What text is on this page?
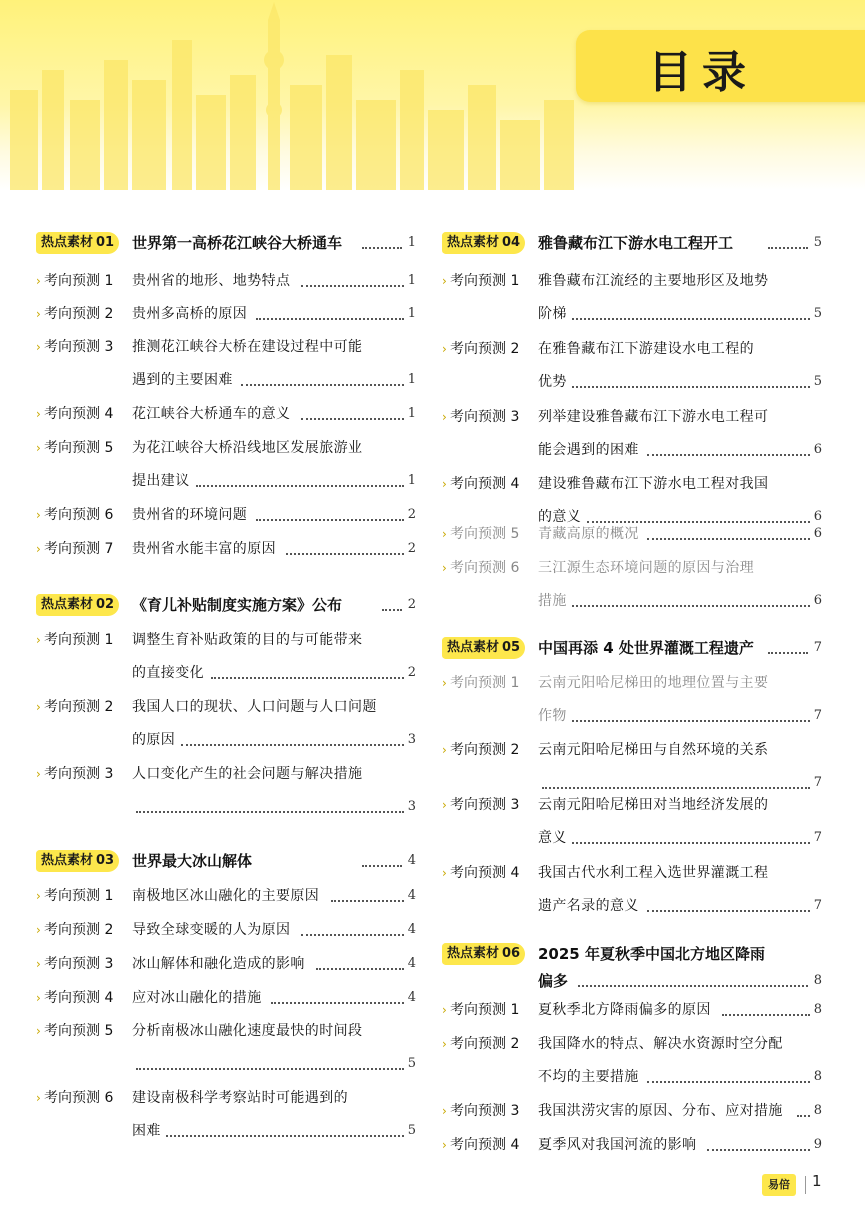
目录
热点素材 01	世界第一高桥花江峡谷大桥通车	1
› 考向预测 1 贵州省的地形、地势特点	1
› 考向预测 2 贵州多高桥的原因	1
› 考向预测 3 推测花江峡谷大桥在建设过程中可能
遇到的主要困难	1
› 考向预测 4 花江峡谷大桥通车的意义	1
› 考向预测 5 为花江峡谷大桥沿线地区发展旅游业
提出建议	1
› 考向预测 6 贵州省的环境问题	2
› 考向预测 7 贵州省水能丰富的原因	2
热点素材 02	《育儿补贴制度实施方案》公布	2
› 考向预测 1 调整生育补贴政策的目的与可能带来
的直接变化	2
› 考向预测 2 我国人口的现状、人口问题与人口问题
的原因	3
› 考向预测 3 人口变化产生的社会问题与解决措施
3
热点素材 03	世界最大冰山解体	4
› 考向预测 1 南极地区冰山融化的主要原因	4
› 考向预测 2 导致全球变暖的人为原因	4
› 考向预测 3 冰山解体和融化造成的影响	4
› 考向预测 4 应对冰山融化的措施	4
› 考向预测 5 分析南极冰山融化速度最快的时间段
5
› 考向预测 6 建设南极科学考察站时可能遇到的
困难	5
热点素材 04	雅鲁藏布江下游水电工程开工	5
› 考向预测 1 雅鲁藏布江流经的主要地形区及地势
阶梯	5
› 考向预测 2 在雅鲁藏布江下游建设水电工程的
优势	5
› 考向预测 3 列举建设雅鲁藏布江下游水电工程可
能会遇到的困难	6
› 考向预测 4 建设雅鲁藏布江下游水电工程对我国
的意义	6
› 考向预测 5 青藏高原的概况	6
› 考向预测 6 三江源生态环境问题的原因与治理
措施	6
热点素材 05	中国再添 4 处世界灌溉工程遗产	7
› 考向预测 1 云南元阳哈尼梯田的地理位置与主要
作物	7
› 考向预测 2 云南元阳哈尼梯田与自然环境的关系
7
› 考向预测 3 云南元阳哈尼梯田对当地经济发展的
意义	7
› 考向预测 4 我国古代水利工程入选世界灌溉工程
遗产名录的意义	7
热点素材 06	2025 年夏秋季中国北方地区降雨
偏多	8
› 考向预测 1 夏秋季北方降雨偏多的原因	8
› 考向预测 2 我国降水的特点、解决水资源时空分配
不均的主要措施	8
› 考向预测 3 我国洪涝灾害的原因、分布、应对措施	8
› 考向预测 4 夏季风对我国河流的影响	9
易倍	1
